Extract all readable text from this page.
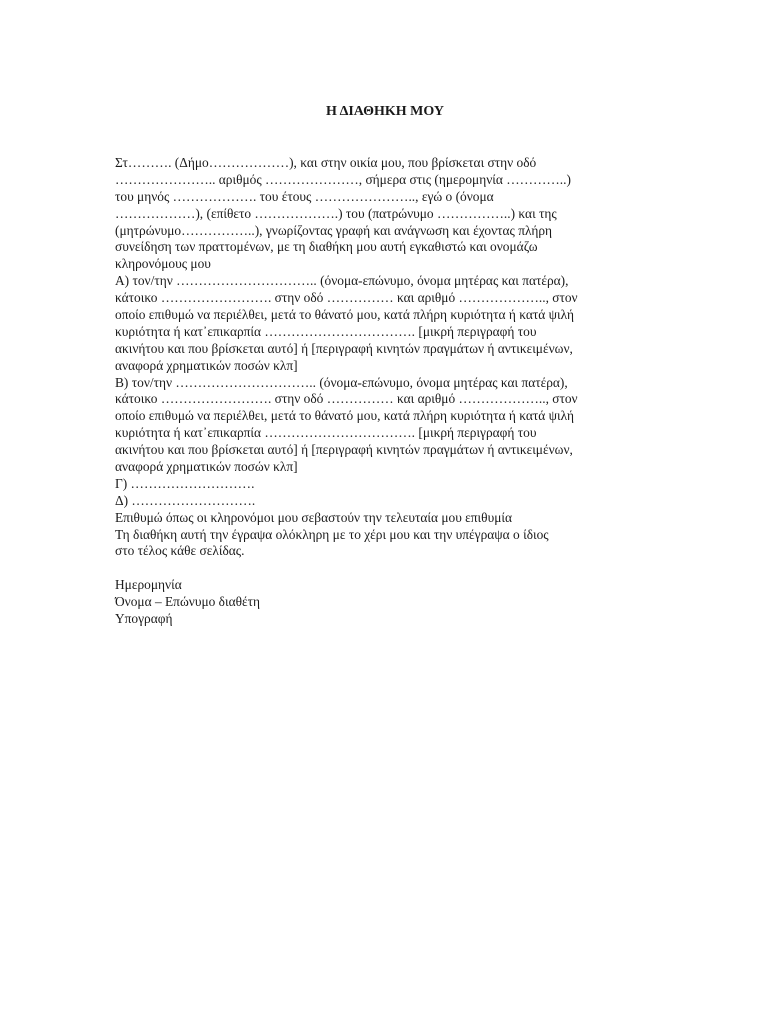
Η ΔΙΑΘΗΚΗ ΜΟΥ
Στ………. (Δήμο………………), και στην οικία μου, που βρίσκεται στην οδό
………………….. αριθμός …………………, σήμερα στις (ημερομηνία …………..)
του μηνός ………………. του έτους ………………….., εγώ ο (όνομα
………………), (επίθετο ……………….) του (πατρώνυμο ……………..) και της
(μητρώνυμο……………..), γνωρίζοντας γραφή και ανάγνωση και έχοντας πλήρη
συνείδηση των πραττομένων, με τη διαθήκη μου αυτή εγκαθιστώ και ονομάζω
κληρονόμους μου
Α) τον/την ………………………….. (όνομα-επώνυμο, όνομα μητέρας και πατέρα),
κάτοικο ……………………. στην οδό …………… και αριθμό ……………….., στον
οποίο επιθυμώ να περιέλθει, μετά το θάνατό μου, κατά πλήρη κυριότητα ή κατά ψιλή
κυριότητα ή κατ᾽επικαρπία ……………………………. [μικρή περιγραφή του
ακινήτου και που βρίσκεται αυτό] ή [περιγραφή κινητών πραγμάτων ή αντικειμένων,
αναφορά χρηματικών ποσών κλπ]
Β) τον/την ………………………….. (όνομα-επώνυμο, όνομα μητέρας και πατέρα),
κάτοικο ……………………. στην οδό …………… και αριθμό ……………….., στον
οποίο επιθυμώ να περιέλθει, μετά το θάνατό μου, κατά πλήρη κυριότητα ή κατά ψιλή
κυριότητα ή κατ᾽επικαρπία ……………………………. [μικρή περιγραφή του
ακινήτου και που βρίσκεται αυτό] ή [περιγραφή κινητών πραγμάτων ή αντικειμένων,
αναφορά χρηματικών ποσών κλπ]
Γ) ……………………….
Δ) ……………………….
Επιθυμώ όπως οι κληρονόμοι μου σεβαστούν την τελευταία μου επιθυμία
Τη διαθήκη αυτή την έγραψα ολόκληρη με το χέρι μου και την υπέγραψα ο ίδιος
στο τέλος κάθε σελίδας.
Ημερομηνία
Όνομα – Επώνυμο διαθέτη
Υπογραφή
